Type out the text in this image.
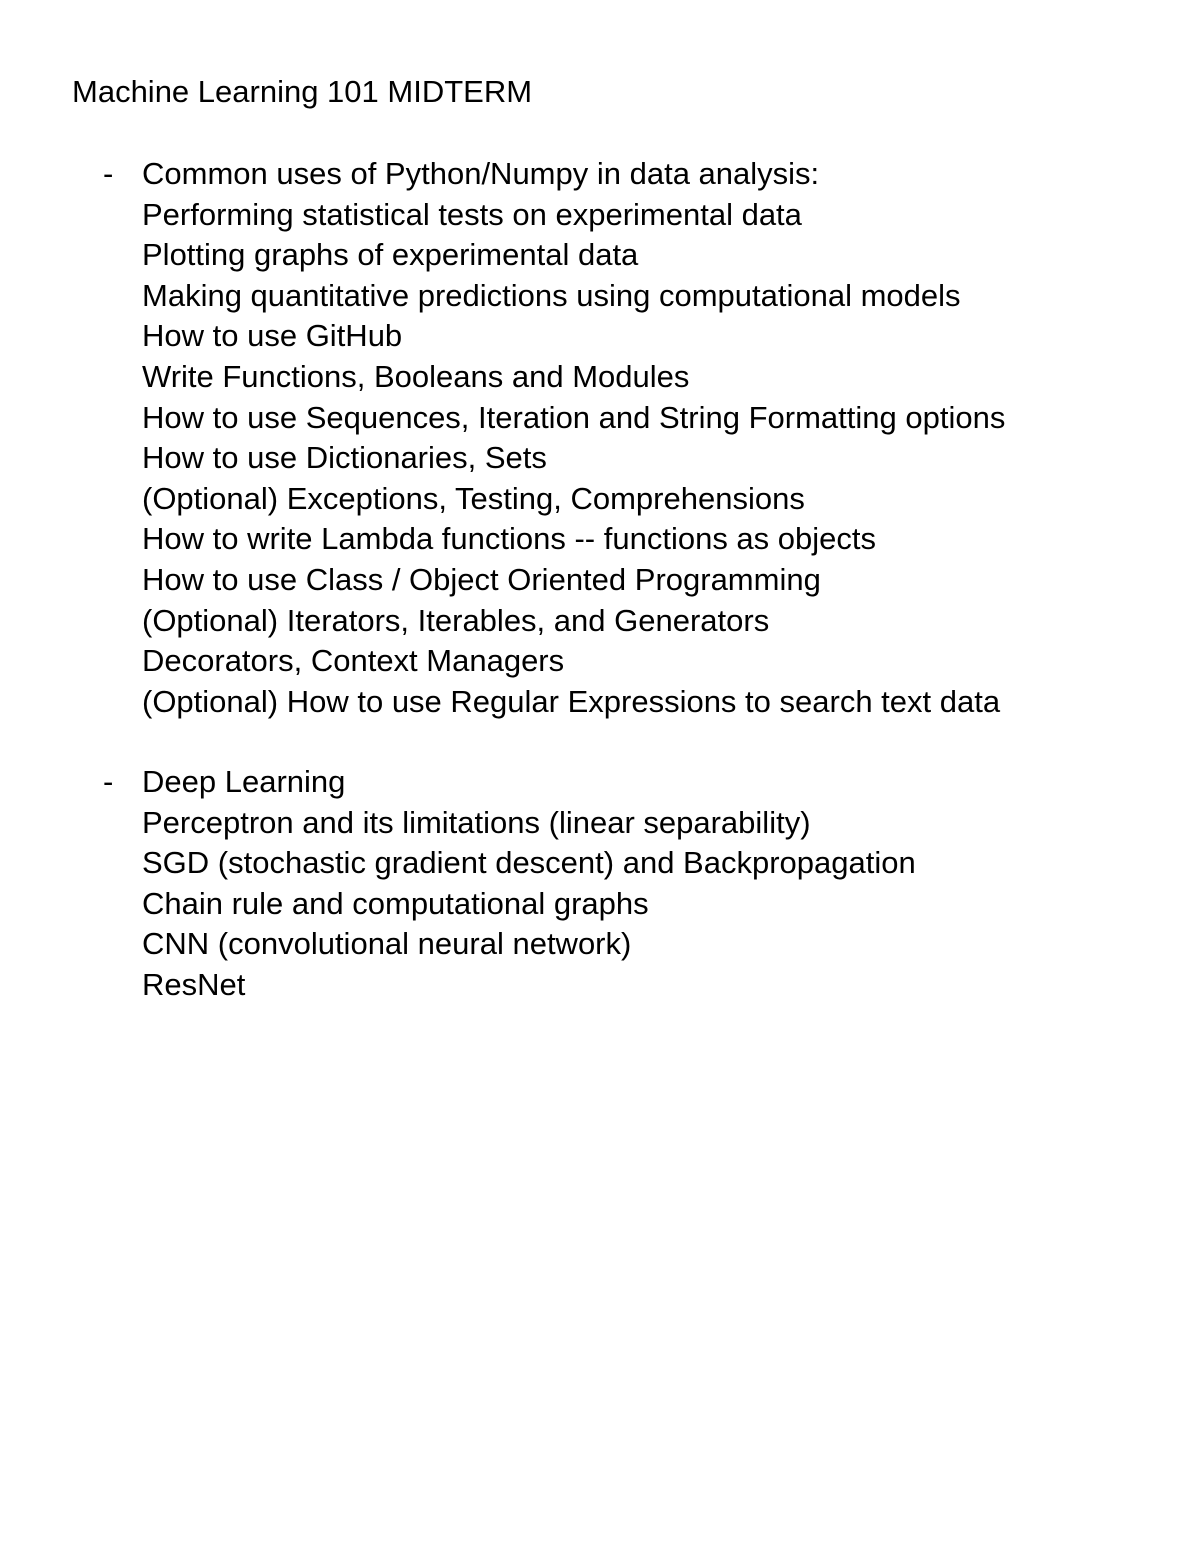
Machine Learning 101 MIDTERM
- Common uses of Python/Numpy in data analysis:
Performing statistical tests on experimental data
Plotting graphs of experimental data
Making quantitative predictions using computational models
How to use GitHub
Write Functions, Booleans and Modules
How to use Sequences, Iteration and String Formatting options
How to use Dictionaries, Sets
(Optional) Exceptions, Testing, Comprehensions
How to write Lambda functions -- functions as objects
How to use Class / Object Oriented Programming
(Optional) Iterators, Iterables, and Generators
Decorators, Context Managers
(Optional) How to use Regular Expressions to search text data
- Deep Learning
Perceptron and its limitations (linear separability)
SGD (stochastic gradient descent) and Backpropagation
Chain rule and computational graphs
CNN (convolutional neural network)
ResNet
